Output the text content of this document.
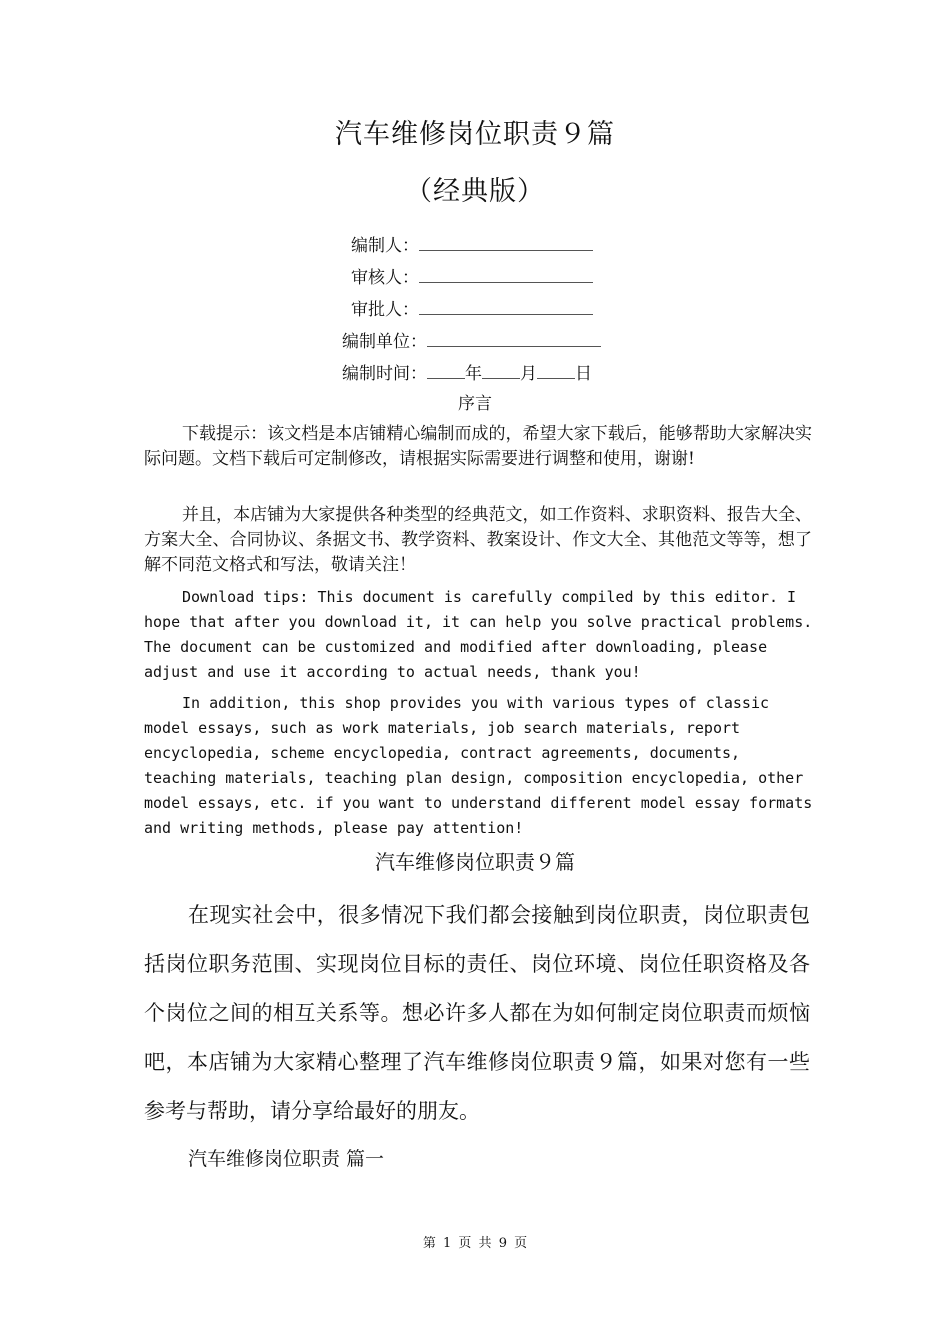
汽车维修岗位职责９篇
（经典版）
编制人：
审核人：
审批人：
编制单位：
编制时间： 年 月 日
序言

下载提示：该文档是本店铺精心编制而成的，希望大家下载后，能够帮助大家解决实际问题。文档下载后可定制修改，请根据实际需要进行调整和使用，谢谢!

并且，本店铺为大家提供各种类型的经典范文，如工作资料、求职资料、报告大全、方案大全、合同协议、条据文书、教学资料、教案设计、作文大全、其他范文等等，想了解不同范文格式和写法，敬请关注！

Download tips: This document is carefully compiled by this editor. I hope that after you download it, it can help you solve practical problems. The document can be customized and modified after downloading, please adjust and use it according to actual needs, thank you!

In addition, this shop provides you with various types of classic model essays, such as work materials, job search materials, report encyclopedia, scheme encyclopedia, contract agreements, documents, teaching materials, teaching plan design, composition encyclopedia, other model essays, etc. if you want to understand different model essay formats and writing methods, please pay attention!

汽车维修岗位职责９篇

在现实社会中，很多情况下我们都会接触到岗位职责，岗位职责包括岗位职务范围、实现岗位目标的责任、岗位环境、岗位任职资格及各个岗位之间的相互关系等。想必许多人都在为如何制定岗位职责而烦恼吧，本店铺为大家精心整理了汽车维修岗位职责９篇，如果对您有一些参考与帮助，请分享给最好的朋友。

汽车维修岗位职责 篇一
第 1 页 共 9 页
